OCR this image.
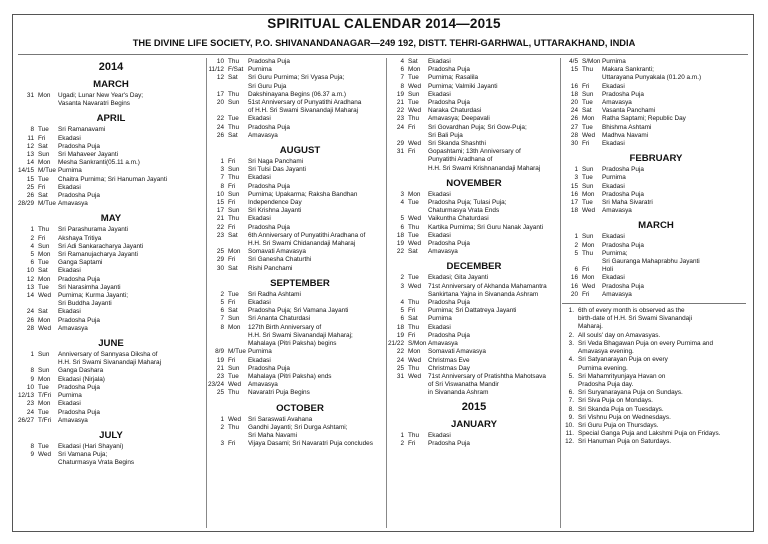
SPIRITUAL CALENDAR 2014—2015
THE DIVINE LIFE SOCIETY, P.O. SHIVANANDANAGAR—249 192, DISTT. TEHRI-GARHWAL, UTTARAKHAND, INDIA
2014
MARCH
31 Mon	Ugadi; Lunar New Year's Day;
Vasanta Navaratri Begins
APRIL
8 Tue	Sri Ramanavami
11 Fri	Ekadasi
12 Sat	Pradosha Puja
13 Sun	Sri Mahaveer Jayanti
14 Mon	Mesha Sankranti(05.11 a.m.)
14/15 M/Tue Purnima
15 Tue	Chaitra Purnima; Sri Hanuman Jayanti
25 Fri	Ekadasi
26 Sat	Pradosha Puja
28/29 M/Tue Amavasya
MAY
1 Thu	Sri Parashurama Jayanti
2 Fri	Akshaya Tritiya
4 Sun	Sri Adi Sankaracharya Jayanti
5 Mon	Sri Ramanujacharya Jayanti
6 Tue	Ganga Saptami
10 Sat	Ekadasi
12 Mon	Pradosha Puja
13 Tue	Sri Narasimha Jayanti
14 Wed	Purnima; Kurma Jayanti;
Sri Buddha Jayanti
24 Sat	Ekadasi
26 Mon	Pradosha Puja
28 Wed	Amavasya
JUNE
1 Sun	Anniversary of Sannyasa Diksha of
H.H. Sri Swami Sivanandaji Maharaj
8 Sun	Ganga Dashara
9 Mon	Ekadasi (Nirjala)
10 Tue	Pradosha Puja
12/13 T/Fri	Purnima
23 Mon	Ekadasi
24 Tue	Pradosha Puja
26/27 T/Fri	Amavasya
JULY
8 Tue	Ekadasi (Hari Shayani)
9 Wed	Sri Vamana Puja;
Chaturmasya Vrata Begins
10 Thu	Pradosha Puja
11/12 F/Sat Purnima
12 Sat	Sri Guru Purnima; Sri Vyasa Puja;
Sri Guru Puja
17 Thu	Dakshinayana Begins (06.37 a.m.)
20 Sun	51st Anniversary of Punyatithi Aradhana
of H.H. Sri Swami Sivanandaji Maharaj
22 Tue	Ekadasi
24 Thu	Pradosha Puja
26 Sat	Amavasya
AUGUST
1 Fri	Sri Naga Panchami
3 Sun	Sri Tulsi Das Jayanti
7 Thu	Ekadasi
8 Fri	Pradosha Puja
10 Sun	Purnima; Upakarma; Raksha Bandhan
15 Fri	Independence Day
17 Sun	Sri Krishna Jayanti
21 Thu	Ekadasi
22 Fri	Pradosha Puja
23 Sat	6th Anniversary of Punyatithi Aradhana of
H.H. Sri Swami Chidanandaji Maharaj
25 Mon	Somavati Amavasya
29 Fri	Sri Ganesha Chaturthi
30 Sat	Rishi Panchami
SEPTEMBER
2 Tue	Sri Radha Ashtami
5 Fri	Ekadasi
6 Sat	Pradosha Puja; Sri Vamana Jayanti
7 Sun	Sri Ananta Chaturdasi
8 Mon	127th Birth Anniversary of
H.H. Sri Swami Sivanandaji Maharaj;
Mahalaya (Pitri Paksha) begins
8/9 M/Tue Purnima
19 Fri	Ekadasi
21 Sun	Pradosha Puja
23 Tue	Mahalaya (Pitri Paksha) ends
23/24 Wed	Amavasya
25 Thu	Navaratri Puja Begins
OCTOBER
1 Wed	Sri Saraswati Avahana
2 Thu	Gandhi Jayanti; Sri Durga Ashtami;
Sri Maha Navami
3 Fri	Vijaya Dasami; Sri Navaratri Puja concludes
4 Sat	Ekadasi
6 Mon	Pradosha Puja
7 Tue	Purnima; Rasalila
8 Wed	Purnima; Valmiki Jayanti
19 Sun	Ekadasi
21 Tue	Pradosha Puja
22 Wed	Naraka Chaturdasi
23 Thu	Amavasya; Deepavali
24 Fri	Sri Govardhan Puja; Sri Gow-Puja;
Sri Bali Puja
29 Wed	Sri Skanda Shashthi
31 Fri	Gopashtami; 13th Anniversary of
Punyatithi Aradhana of
H.H. Sri Swami Krishnanandaji Maharaj
NOVEMBER
3 Mon	Ekadasi
4 Tue	Pradosha Puja; Tulasi Puja;
Chaturmasya Vrata Ends
5 Wed	Vaikuntha Chaturdasi
6 Thu	Kartika Purnima; Sri Guru Nanak Jayanti
18 Tue	Ekadasi
19 Wed	Pradosha Puja
22 Sat	Amavasya
DECEMBER
2 Tue	Ekadasi; Gita Jayanti
3 Wed	71st Anniversary of Akhanda Mahamantra
Sankirtana Yajna in Sivananda Ashram
4 Thu	Pradosha Puja
5 Fri	Purnima; Sri Dattatreya Jayanti
6 Sat	Purnima
18 Thu	Ekadasi
19 Fri	Pradosha Puja
21/22 S/Mon Amavasya
22 Mon	Somavati Amavasya
24 Wed	Christmas Eve
25 Thu	Christmas Day
31 Wed	71st Anniversary of Pratishtha Mahotsava
of Sri Viswanatha Mandir
in Sivananda Ashram
2015
JANUARY
1 Thu	Ekadasi
2 Fri	Pradosha Puja
4/5 S/Mon Purnima
15 Thu	Makara Sankranti;
Uttarayana Punyakala (01.20 a.m.)
16 Fri	Ekadasi
18 Sun	Pradosha Puja
20 Tue	Amavasya
24 Sat	Vasanta Panchami
26 Mon	Ratha Saptami; Republic Day
27 Tue	Bhishma Ashtami
28 Wed	Madhva Navami
30 Fri	Ekadasi
FEBRUARY
1 Sun	Pradosha Puja
3 Tue	Purnima
15 Sun	Ekadasi
16 Mon	Pradosha Puja
17 Tue	Sri Maha Sivaratri
18 Wed	Amavasya
MARCH
1 Sun	Ekadasi
2 Mon	Pradosha Puja
5 Thu	Purnima;
Sri Gauranga Mahaprabhu Jayanti
6 Fri	Holi
16 Mon	Ekadasi
16 Wed	Pradosha Puja
20 Fri	Amavasya
1. 6th of every month is observed as the
birth-date of H.H. Sri Swami Sivanandaji
Maharaj.
2. All souls' day on Amavasyas.
3. Sri Veda Bhagawan Puja on every Purnima and
Amavasya evening.
4. Sri Satyanarayan Puja on every
Purnima evening.
5. Sri Mahamrityunjaya Havan on
Pradosha Puja day.
6. Sri Suryanarayana Puja on Sundays.
7. Sri Siva Puja on Mondays.
8. Sri Skanda Puja on Tuesdays.
9. Sri Vishnu Puja on Wednesdays.
10. Sri Guru Puja on Thursdays.
11. Special Ganga Puja and Lakshmi Puja on Fridays.
12. Sri Hanuman Puja on Saturdays.
